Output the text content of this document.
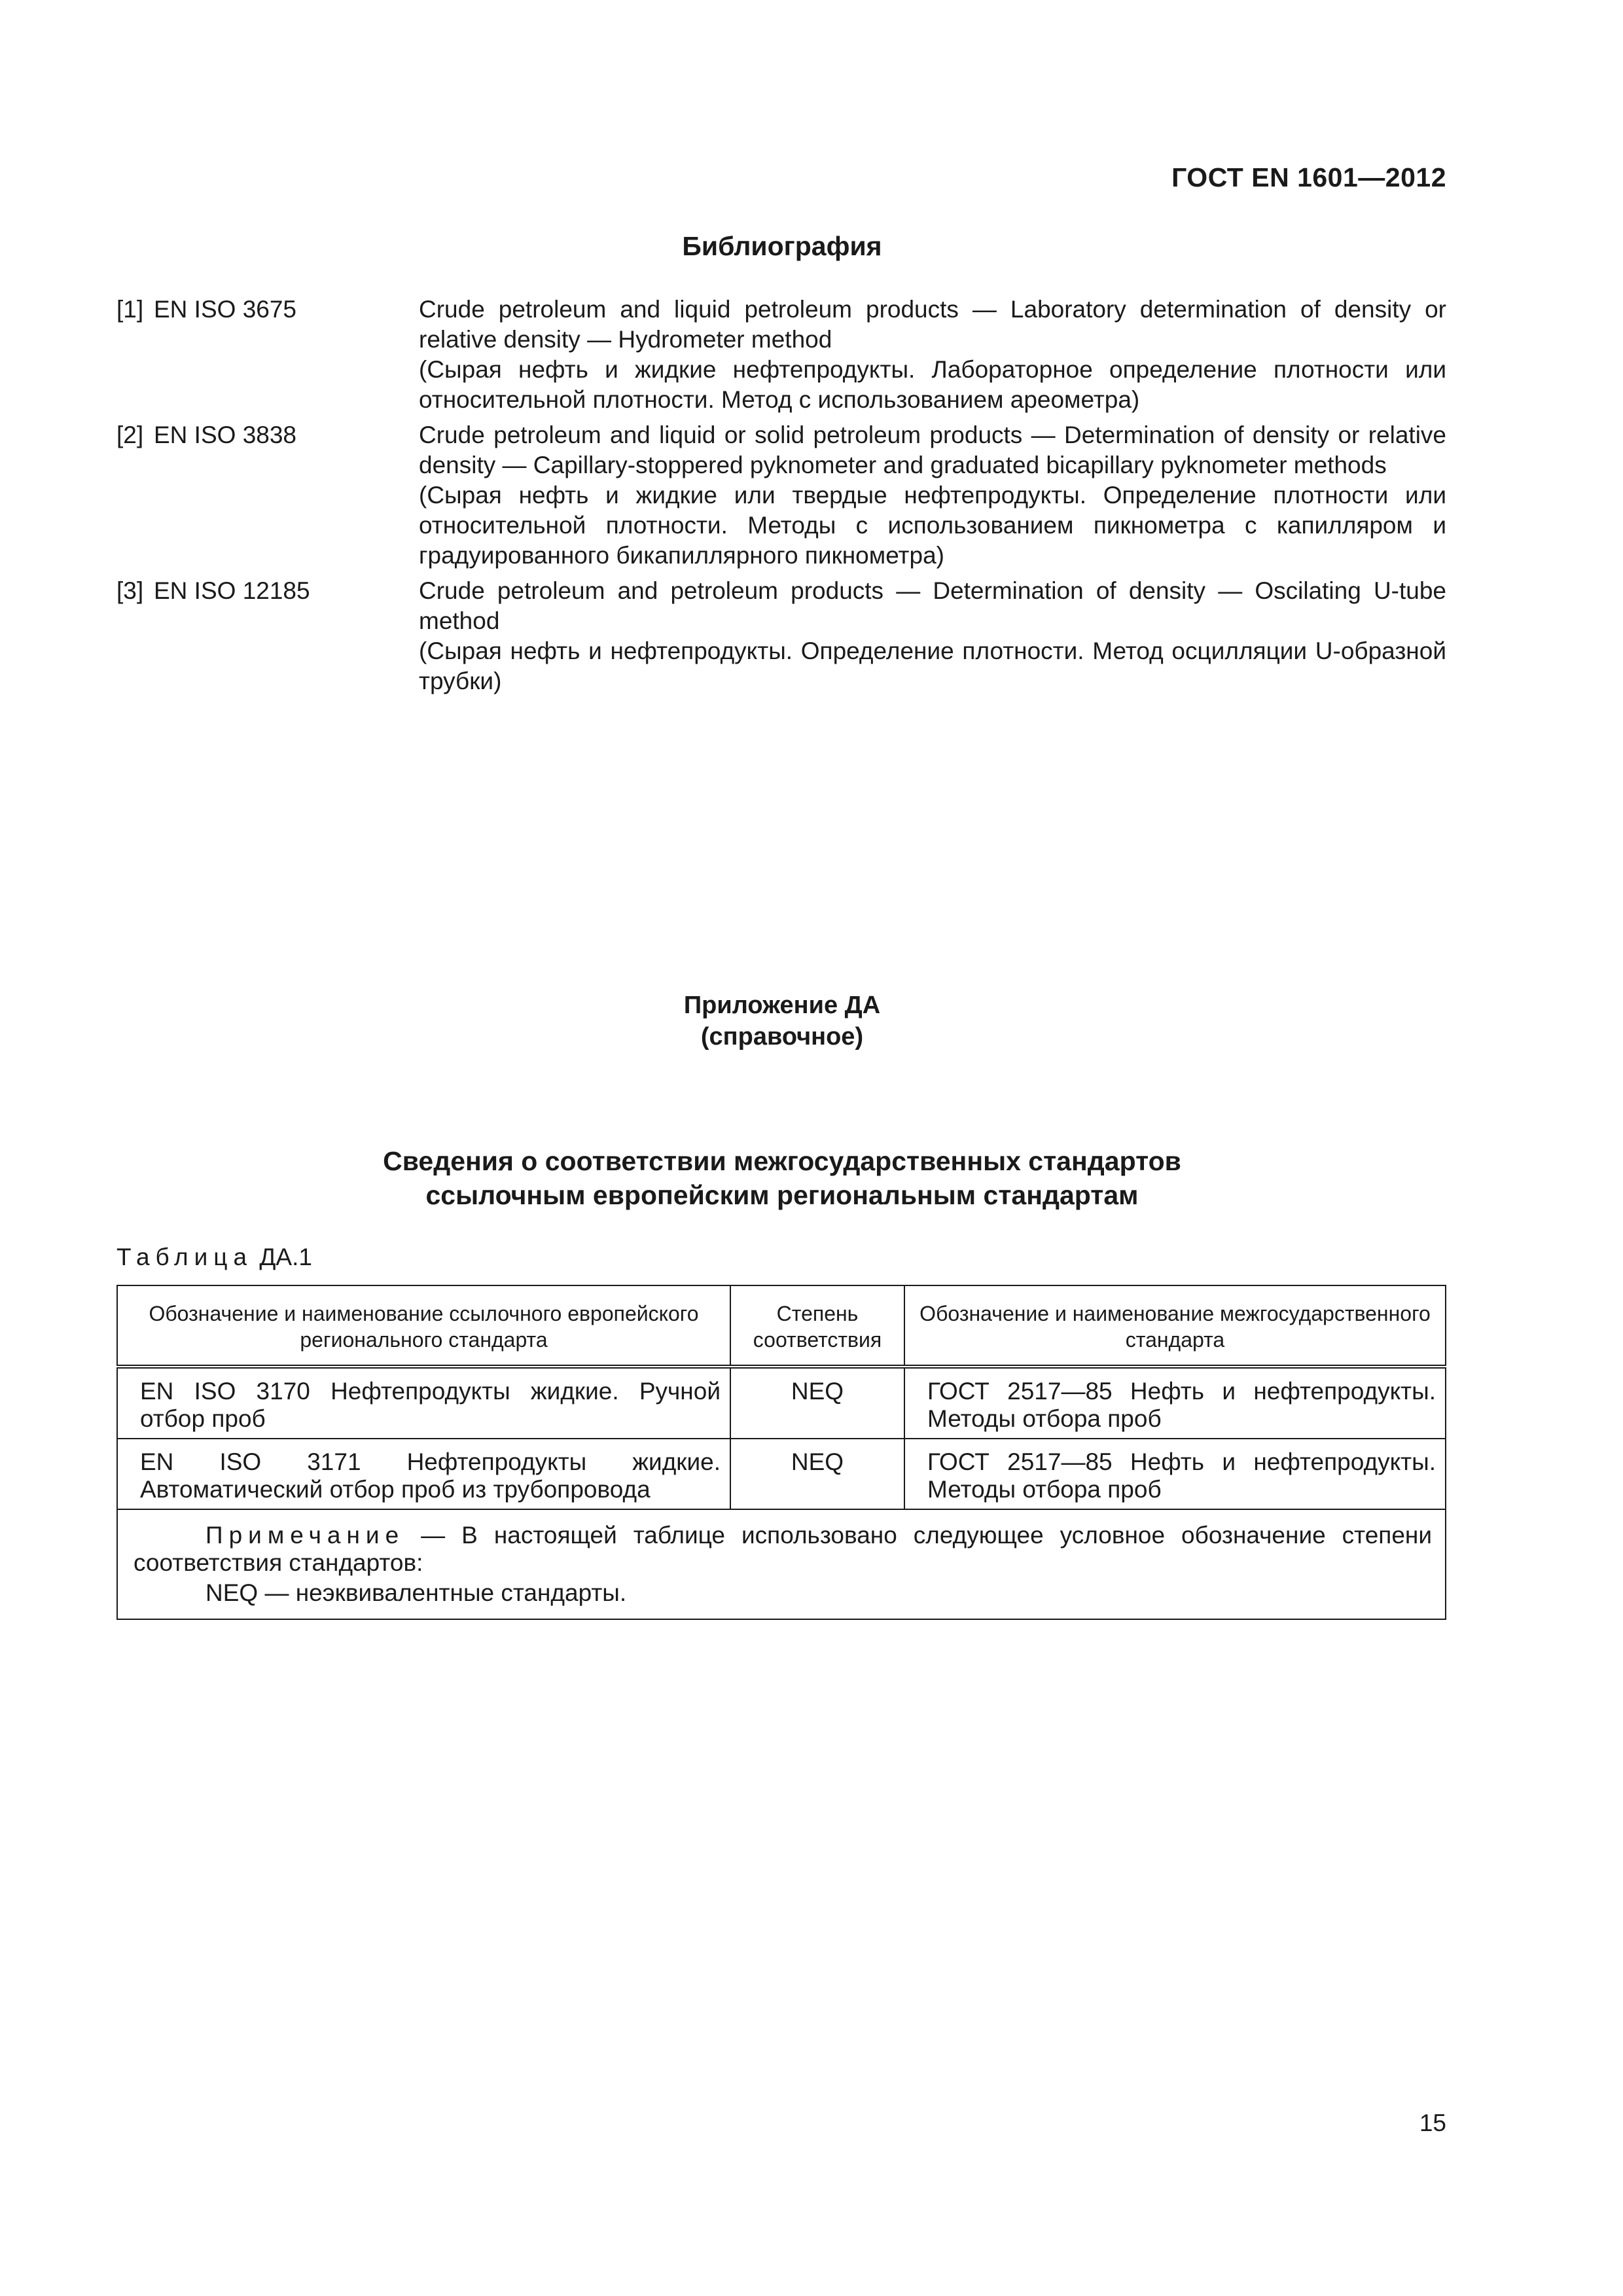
ГОСТ EN 1601—2012
Библиография
[1] EN ISO 3675	Crude petroleum and liquid petroleum products — Laboratory determination of density or relative density — Hydrometer method
(Сырая нефть и жидкие нефтепродукты. Лабораторное определение плотности или относительной плотности. Метод с использованием ареометра)
[2] EN ISO 3838	Crude petroleum and liquid or solid petroleum products — Determination of density or relative density — Capillary-stoppered pyknometer and graduated bicapillary pyknometer methods
(Сырая нефть и жидкие или твердые нефтепродукты. Определение плотности или относительной плотности. Методы с использованием пикнометра с капилляром и градуированного бикапиллярного пикнометра)
[3] EN ISO 12185	Crude petroleum and petroleum products — Determination of density — Oscilating U-tube method
(Сырая нефть и нефтепродукты. Определение плотности. Метод осцилляции U-образной трубки)
Приложение ДА
(справочное)
Сведения о соответствии межгосударственных стандартов
ссылочным европейским региональным стандартам
Таблица ДА.1
Обозначение и наименование ссылочного европейского регионального стандарта	Степень соответствия	Обозначение и наименование межгосударственного стандарта
EN ISO 3170 Нефтепродукты жидкие. Ручной отбор проб	NEQ	ГОСТ 2517—85 Нефть и нефтепродукты. Методы отбора проб
EN ISO 3171 Нефтепродукты жидкие. Автоматический отбор проб из трубопровода	NEQ	ГОСТ 2517—85 Нефть и нефтепродукты. Методы отбора проб

Примечание — В настоящей таблице использовано следующее условное обозначение степени соответствия стандартов:
NEQ — неэквивалентные стандарты.		
15
